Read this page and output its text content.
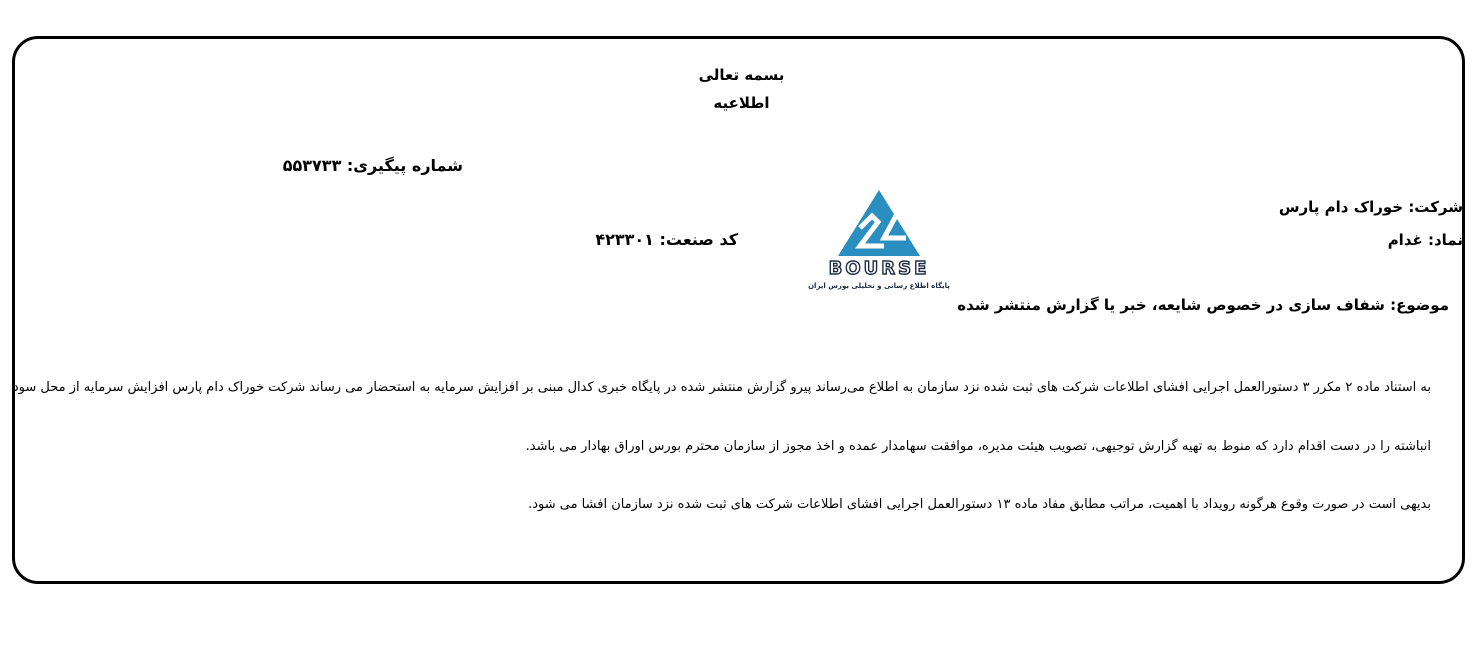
بسمه تعالی
اطلاعیه
شماره پیگیری: ۵۵۳۷۳۳
شرکت: خوراک دام پارس
نماد: غدام
کد صنعت: ۴۲۳۳۰۱
BOURSE
پایگاه اطلاع رسانی و تحلیلی بورس ایران
موضوع: شفاف سازی در خصوص شایعه، خبر یا گزارش منتشر شده
به استناد ماده ۲ مکرر ۳ دستورالعمل اجرایی افشای اطلاعات شرکت های ثبت شده نزد سازمان به اطلاع می‌رساند پیرو گزارش منتشر شده در پایگاه خبری کدال مبنی بر افزایش سرمایه به استحضار می رساند شرکت خوراک دام پارس افزایش سرمایه از محل سود
انباشته را در دست اقدام دارد که منوط به تهیه گزارش توجیهی، تصویب هیئت مدیره، موافقت سهامدار عمده و اخذ مجوز از سازمان محترم بورس اوراق بهادار می باشد.
بدیهی است در صورت وقوع هرگونه رویداد با اهمیت، مراتب مطابق مفاد ماده ۱۳ دستورالعمل اجرایی افشای اطلاعات شرکت های ثبت شده نزد سازمان افشا می شود.
